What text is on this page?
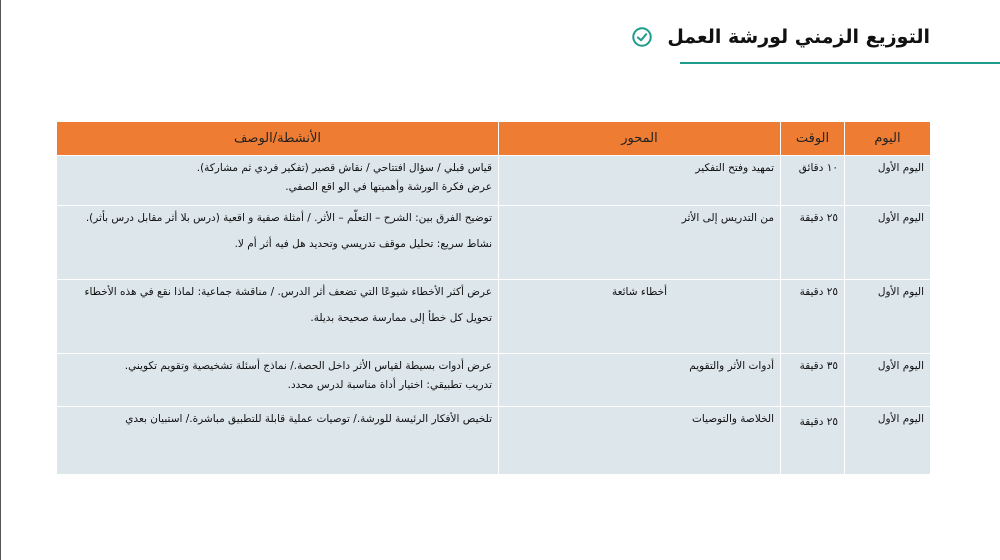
التوزيع الزمني لورشة العمل
اليوم	الوقت	المحور	الأنشطة/الوصف
اليوم الأول	١٠ دقائق	تمهيد وفتح التفكير	قياس قبلي / سؤال افتتاحي / نقاش قصير (تفكير فردي ثم مشاركة).
عرض فكرة الورشة وأهميتها في الو اقع الصفي.

اليوم الأول	٢٥ دقيقة	من التدريس إلى الأثر	توضيح الفرق بين: الشرح – التعلّم – الأثر. / أمثلة صفية و اقعية (درس بلا أثر مقابل درس بأثر).
نشاط سريع: تحليل موقف تدريسي وتحديد هل فيه أثر أم لا.

اليوم الأول	٢٥ دقيقة	أخطاء شائعة	عرض أكثر الأخطاء شيوعًا التي تضعف أثر الدرس. / مناقشة جماعية: لماذا نقع في هذه الأخطاء
تحويل كل خطأ إلى ممارسة صحيحة بديلة.

اليوم الأول	٣٥ دقيقة	أدوات الأثر والتقويم	عرض أدوات بسيطة لقياس الأثر داخل الحصة./ نماذج أسئلة تشخيصية وتقويم تكويني.
تدريب تطبيقي: اختيار أداة مناسبة لدرس محدد.

اليوم الأول	٢٥ دقيقة	الخلاصة والتوصيات	تلخيص الأفكار الرئيسة للورشة./ توصيات عملية قابلة للتطبيق مباشرة./ استبيان بعدي
